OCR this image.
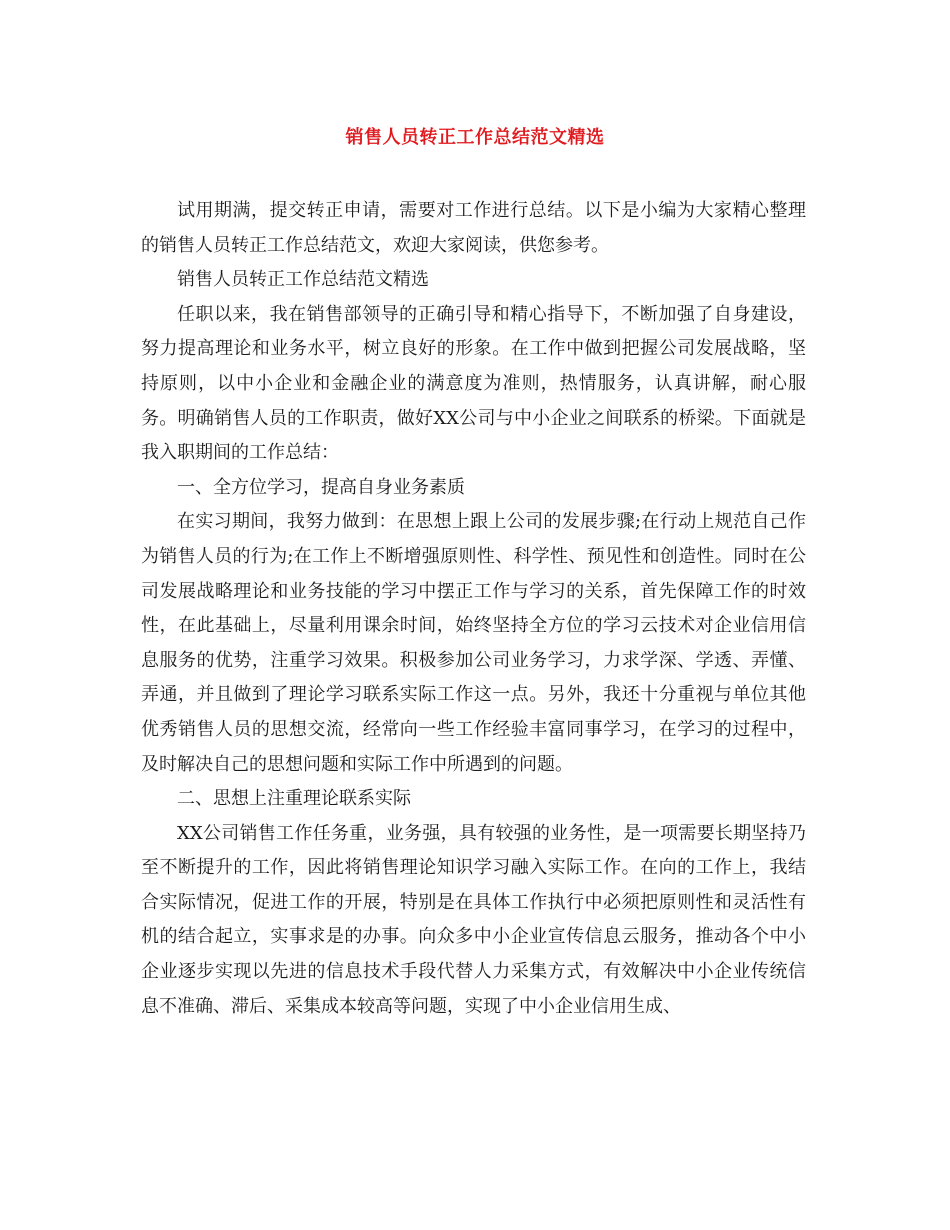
销售人员转正工作总结范文精选

试用期满，提交转正申请，需要对工作进行总结。以下是小编为大家精心整理的销售人员转正工作总结范文，欢迎大家阅读，供您参考。

销售人员转正工作总结范文精选

任职以来，我在销售部领导的正确引导和精心指导下，不断加强了自身建设，努力提高理论和业务水平，树立良好的形象。在工作中做到把握公司发展战略，坚持原则，以中小企业和金融企业的满意度为准则，热情服务，认真讲解，耐心服务。明确销售人员的工作职责，做好XX公司与中小企业之间联系的桥梁。下面就是我入职期间的工作总结：

一、全方位学习，提高自身业务素质

在实习期间，我努力做到：在思想上跟上公司的发展步骤;在行动上规范自己作为销售人员的行为;在工作上不断增强原则性、科学性、预见性和创造性。同时在公司发展战略理论和业务技能的学习中摆正工作与学习的关系，首先保障工作的时效性，在此基础上，尽量利用课余时间，始终坚持全方位的学习云技术对企业信用信息服务的优势，注重学习效果。积极参加公司业务学习，力求学深、学透、弄懂、弄通，并且做到了理论学习联系实际工作这一点。另外，我还十分重视与单位其他优秀销售人员的思想交流，经常向一些工作经验丰富同事学习，在学习的过程中，及时解决自己的思想问题和实际工作中所遇到的问题。

二、思想上注重理论联系实际

XX公司销售工作任务重，业务强，具有较强的业务性，是一项需要长期坚持乃至不断提升的工作，因此将销售理论知识学习融入实际工作。在向的工作上，我结合实际情况，促进工作的开展，特别是在具体工作执行中必须把原则性和灵活性有机的结合起立，实事求是的办事。向众多中小企业宣传信息云服务，推动各个中小企业逐步实现以先进的信息技术手段代替人力采集方式，有效解决中小企业传统信息不准确、滞后、采集成本较高等问题，实现了中小企业信用生成、
